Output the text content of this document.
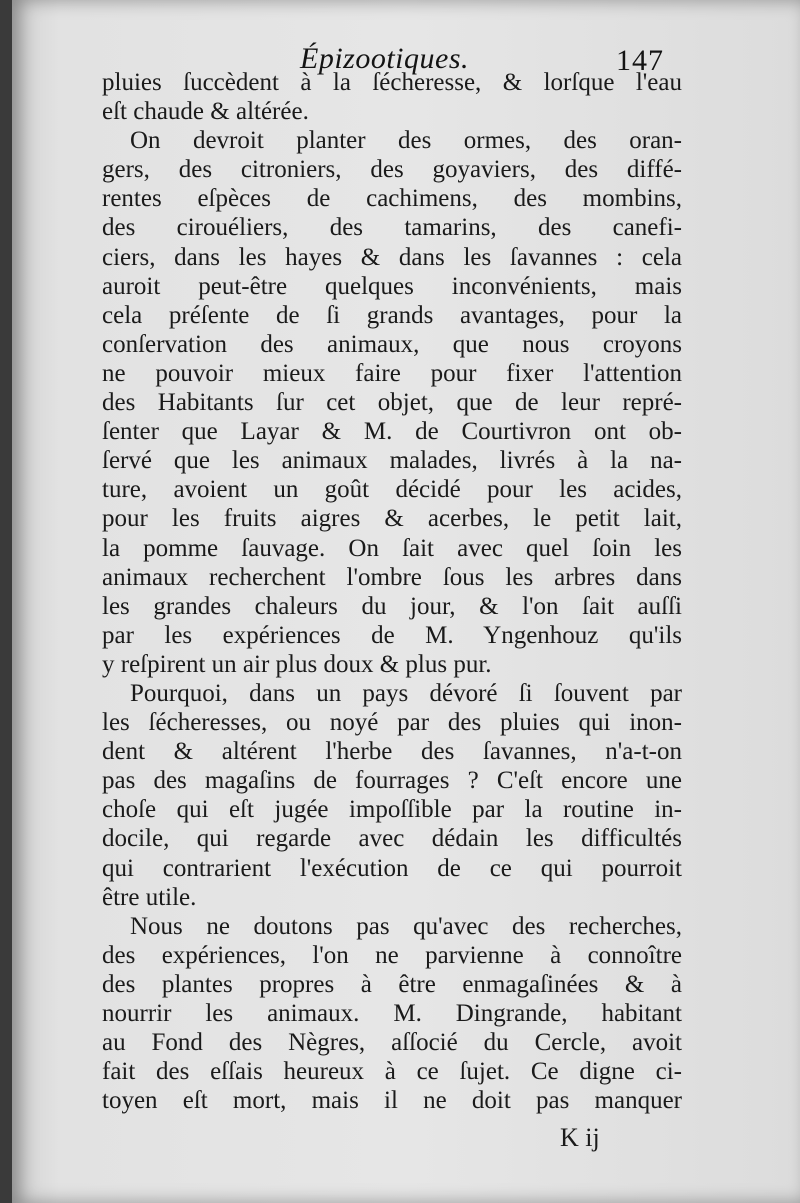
Épizootiques.	147
pluies ſuccèdent à la ſécheresse, & lorſque l'eau
eſt chaude & altérée.
On devroit planter des ormes, des oran-
gers, des citroniers, des goyaviers, des diffé-
rentes eſpèces de cachimens, des mombins,
des cirouéliers, des tamarins, des canefi-
ciers, dans les hayes & dans les ſavannes : cela
auroit peut-être quelques inconvénients, mais
cela préſente de ſi grands avantages, pour la
conſervation des animaux, que nous croyons
ne pouvoir mieux faire pour fixer l'attention
des Habitants ſur cet objet, que de leur repré-
ſenter que Layar & M. de Courtivron ont ob-
ſervé que les animaux malades, livrés à la na-
ture, avoient un goût décidé pour les acides,
pour les fruits aigres & acerbes, le petit lait,
la pomme ſauvage. On ſait avec quel ſoin les
animaux recherchent l'ombre ſous les arbres dans
les grandes chaleurs du jour, & l'on ſait auſſi
par les expériences de M. Yngenhouz qu'ils
y reſpirent un air plus doux & plus pur.
Pourquoi, dans un pays dévoré ſi ſouvent par
les ſécheresses, ou noyé par des pluies qui inon-
dent & altérent l'herbe des ſavannes, n'a-t-on
pas des magaſins de fourrages ? C'eſt encore une
choſe qui eſt jugée impoſſible par la routine in-
docile, qui regarde avec dédain les difficultés
qui contrarient l'exécution de ce qui pourroit
être utile.
Nous ne doutons pas qu'avec des recherches,
des expériences, l'on ne parvienne à connoître
des plantes propres à être enmagaſinées & à
nourrir les animaux. M. Dingrande, habitant
au Fond des Nègres, aſſocié du Cercle, avoit
fait des eſſais heureux à ce ſujet. Ce digne ci-
toyen eſt mort, mais il ne doit pas manquer
K ij
